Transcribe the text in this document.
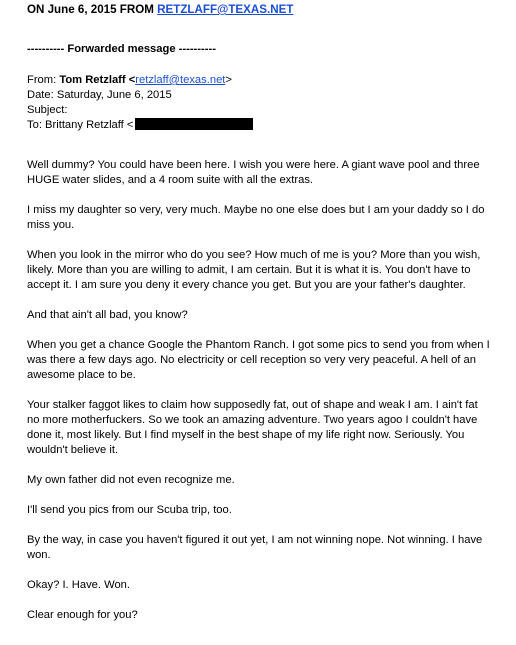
ON June 6, 2015 FROM RETZLAFF@TEXAS.NET
---------- Forwarded message ----------
From: Tom Retzlaff <retzlaff@texas.net>
Date: Saturday, June 6, 2015
Subject:
To: Brittany Retzlaff <

Well dummy? You could have been here. I wish you were here. A giant wave pool and three HUGE water slides, and a 4 room suite with all the extras.

I miss my daughter so very, very much. Maybe no one else does but I am your daddy so I do miss you.

When you look in the mirror who do you see? How much of me is you? More than you wish, likely. More than you are willing to admit, I am certain. But it is what it is. You don't have to accept it. I am sure you deny it every chance you get. But you are your father's daughter.

And that ain't all bad, you know?

When you get a chance Google the Phantom Ranch. I got some pics to send you from when I was there a few days ago. No electricity or cell reception so very very peaceful. A hell of an awesome place to be.

Your stalker faggot likes to claim how supposedly fat, out of shape and weak I am. I ain't fat no more motherfuckers. So we took an amazing adventure. Two years agoo I couldn't have done it, most likely. But I find myself in the best shape of my life right now. Seriously. You wouldn't believe it.

My own father did not even recognize me.

I'll send you pics from our Scuba trip, too.

By the way, in case you haven't figured it out yet, I am not winning nope. Not winning. I have won.

Okay? I. Have. Won.

Clear enough for you?
